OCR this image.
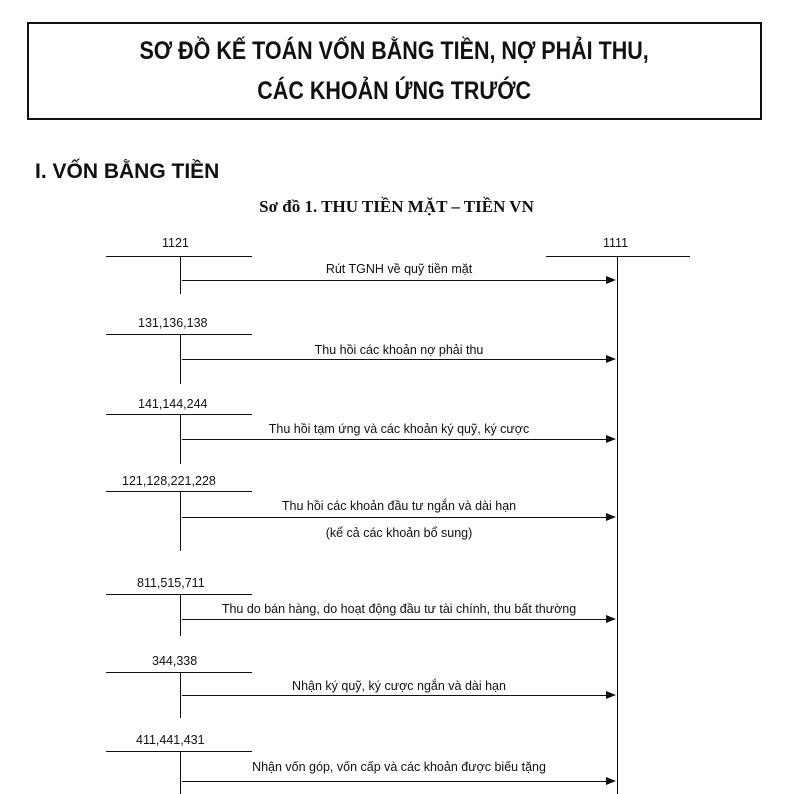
SƠ ĐỒ KẾ TOÁN VỐN BẰNG TIỀN, NỢ PHẢI THU,
CÁC KHOẢN ỨNG TRƯỚC
I. VỐN BẰNG TIỀN
Sơ đồ 1. THU TIỀN MẶT – TIỀN VN
1111
1121
Rút TGNH về quỹ tiền mặt
131,136,138
Thu hồi các khoản nợ phải thu
141,144,244
Thu hồi tạm ứng và các khoản ký quỹ, ký cược
121,128,221,228
Thu hồi các khoản đầu tư ngắn và dài hạn
(kể cả các khoản bổ sung)
811,515,711
Thu do bán hàng, do hoạt động đầu tư tài chính, thu bất thường
344,338
Nhận ký quỹ, ký cược ngắn và dài hạn
411,441,431
Nhận vốn góp, vốn cấp và các khoản được biếu tặng
